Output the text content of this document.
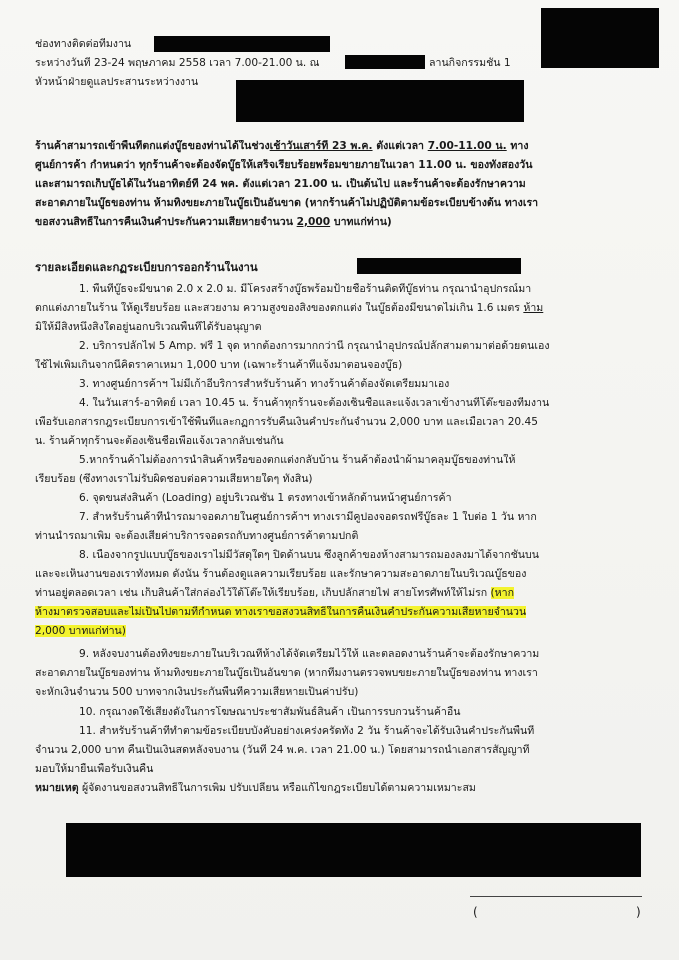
ช่องทางติดต่อทีมงาน
ระหว่างวันที่ 23-24 พฤษภาคม 2558 เวลา 7.00-21.00 น. ณ	ลานกิจกรรมชั้น 1
หัวหน้าฝ่ายดูแลประสานระหว่างงาน
ร้านค้าสามารถเข้าพื้นที่ตกแต่งบู๊ธของท่านได้ในช่วงเช้าวันเสาร์ที่ 23 พ.ค. ตั้งแต่เวลา 7.00-11.00 น. ทาง
ศูนย์การค้า กำหนดว่า ทุกร้านค้าจะต้องจัดบู๊ธให้เสร็จเรียบร้อยพร้อมขายภายในเวลา 11.00 น. ของทั้งสองวัน
และสามารถเก็บบู๊ธได้ในวันอาทิตย์ที่ 24 พค. ตั้งแต่เวลา 21.00 น. เป็นต้นไป และร้านค้าจะต้องรักษาความ
สะอาดภายในบู๊ธของท่าน ห้ามทิ้งขยะภายในบู๊ธเป็นอันขาด (หากร้านค้าไม่ปฏิบัติตามข้อระเบียบข้างต้น ทางเรา
ขอสงวนสิทธิ์ในการคืนเงินค้ำประกันความเสียหายจำนวน 2,000 บาทแก่ท่าน)
รายละเอียดและกฏระเบียบการออกร้านในงาน
1. พื้นที่บู๊ธจะมีขนาด 2.0 x 2.0 ม. มีโครงสร้างบู๊ธพร้อมป้ายชื่อร้านติดที่บู๊ธท่าน กรุณานำอุปกรณ์มา
ตกแต่งภายในร้าน ให้ดูเรียบร้อย และสวยงาม ความสูงของสิ่งของตกแต่ง ในบู๊ธต้องมีขนาดไม่เกิน 1.6 เมตร ห้าม
มิให้มีสิ่งหนึ่งสิ่งใดอยู่นอกบริเวณพื้นที่ได้รับอนุญาต
2. บริการปลั๊กไฟ 5 Amp. ฟรี 1 จุด หากต้องการมากกว่านี้ กรุณานำอุปกรณ์ปลั๊กสามตามาต่อด้วยตนเอง
ใช้ไฟเพิ่มเกินจากนี้คิดราคาเหมา 1,000 บาท (เฉพาะร้านค้าที่แจ้งมาตอนจองบู๊ธ)
3. ทางศูนย์การค้าฯ ไม่มีเก้าอี้บริการสำหรับร้านค้า ทางร้านค้าต้องจัดเตรียมมาเอง
4. ในวันเสาร์-อาทิตย์ เวลา 10.45 น. ร้านค้าทุกร้านจะต้องเซ็นชื่อและแจ้งเวลาเข้างานที่โต๊ะของทีมงาน
เพื่อรับเอกสารกฎระเบียบการเข้าใช้พื้นที่และกฏการรับคืนเงินค้ำประกันจำนวน 2,000 บาท และเมื่อเวลา 20.45
น. ร้านค้าทุกร้านจะต้องเซ็นชื่อเพื่อแจ้งเวลากลับเช่นกัน
5.หากร้านค้าไม่ต้องการนำสินค้าหรือของตกแต่งกลับบ้าน ร้านค้าต้องนำผ้ามาคลุมบู๊ธของท่านให้
เรียบร้อย (ซึ่งทางเราไม่รับผิดชอบต่อความเสียหายใดๆ ทั้งสิ้น)
6. จุดขนส่งสินค้า (Loading) อยู่บริเวณชั้น 1 ตรงทางเข้าหลักด้านหน้าศูนย์การค้า
7. สำหรับร้านค้าที่นำรถมาจอดภายในศูนย์การค้าฯ ทางเรามีคูปองจอดรถฟรีบู๊ธละ 1 ใบต่อ 1 วัน หาก
ท่านนำรถมาเพิ่ม จะต้องเสียค่าบริการจอดรถกับทางศูนย์การค้าตามปกติ
8. เนื่องจากรูปแบบบู๊ธของเราไม่มีวัสดุใดๆ ปิดด้านบน ซึ่งลูกค้าของห้างสามารถมองลงมาได้จากชั้นบน
และจะเห็นงานของเราทั้งหมด ดังนั้น ร้านต้องดูแลความเรียบร้อย และรักษาความสะอาดภายในบริเวณบู๊ธของ
ท่านอยู่ตลอดเวลา เช่น เก็บสินค้าใส่กล่องไว้ใต้โต๊ะให้เรียบร้อย, เก็บปลั๊กสายไฟ สายโทรศัพท์ให้ไม่รก (หาก
ห้างมาตรวจสอบและไม่เป็นไปตามที่กำหนด ทางเราขอสงวนสิทธิ์ในการคืนเงินค้ำประกันความเสียหายจำนวน
2,000 บาทแก่ท่าน)
9. หลังจบงานต้องทิ้งขยะภายในบริเวณที่ห้างได้จัดเตรียมไว้ให้ และตลอดงานร้านค้าจะต้องรักษาความ
สะอาดภายในบู๊ธของท่าน ห้ามทิ้งขยะภายในบู๊ธเป็นอันขาด (หากทีมงานตรวจพบขยะภายในบู๊ธของท่าน ทางเรา
จะหักเงินจำนวน 500 บาทจากเงินประกันพื้นที่ความเสียหายเป็นค่าปรับ)
10. กรุณางดใช้เสียงดังในการโฆษณาประชาสัมพันธ์สินค้า เป็นการรบกวนร้านค้าอื่น
11. สำหรับร้านค้าที่ทำตามข้อระเบียบบังคับอย่างเคร่งครัดทั้ง 2 วัน ร้านค้าจะได้รับเงินค้ำประกันพื้นที่
จำนวน 2,000 บาท คืนเป็นเงินสดหลังจบงาน (วันที่ 24 พ.ค. เวลา 21.00 น.) โดยสามารถนำเอกสารสัญญาที่
มอบให้มายื่นเพื่อรับเงินคืน
หมายเหตุ ผู้จัดงานขอสงวนสิทธิ์ในการเพิ่ม ปรับเปลี่ยน หรือแก้ไขกฎระเบียบได้ตามความเหมาะสม
(	)
